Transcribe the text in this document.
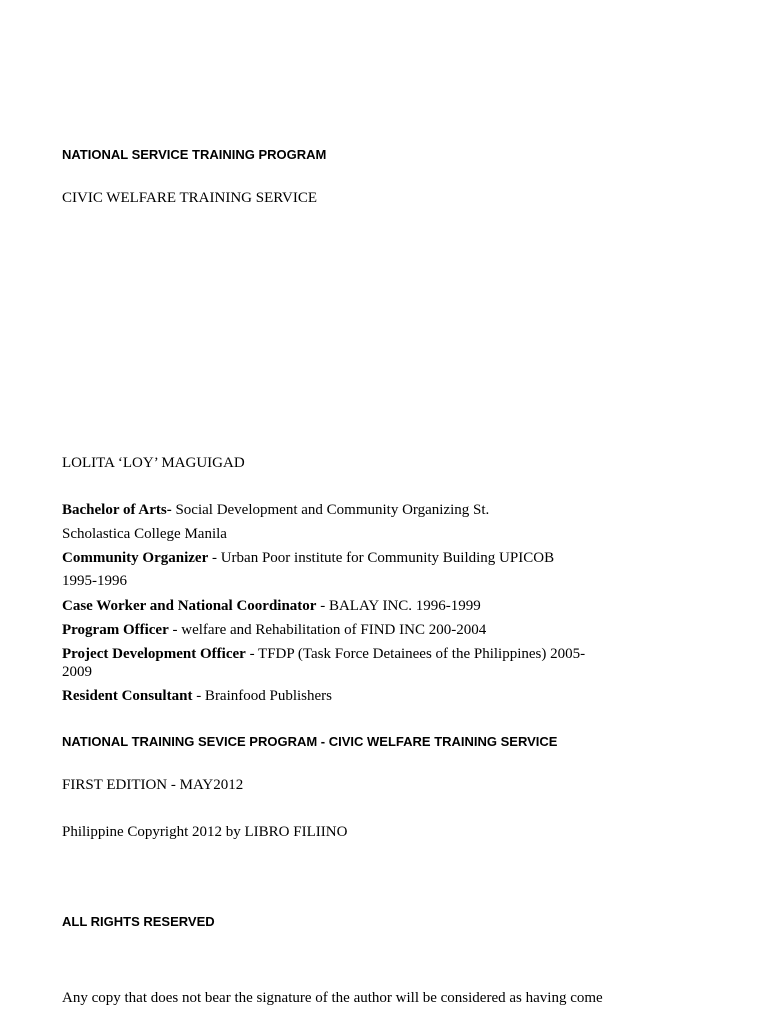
NATIONAL SERVICE TRAINING PROGRAM
CIVIC WELFARE TRAINING SERVICE
LOLITA ‘LOY’ MAGUIGAD
Bachelor of Arts- Social Development and Community Organizing St.
Scholastica College Manila
Community Organizer - Urban Poor institute for Community Building UPICOB
1995-1996
Case Worker and National Coordinator - BALAY INC. 1996-1999
Program Officer - welfare and Rehabilitation of FIND INC 200-2004
Project Development Officer - TFDP (Task Force Detainees of the Philippines) 2005-
2009
Resident Consultant - Brainfood Publishers
NATIONAL TRAINING SEVICE PROGRAM - CIVIC WELFARE TRAINING SERVICE
FIRST EDITION - MAY2012
Philippine Copyright 2012 by LIBRO FILIINO
ALL RIGHTS RESERVED
Any copy that does not bear the signature of the author will be considered as having come
